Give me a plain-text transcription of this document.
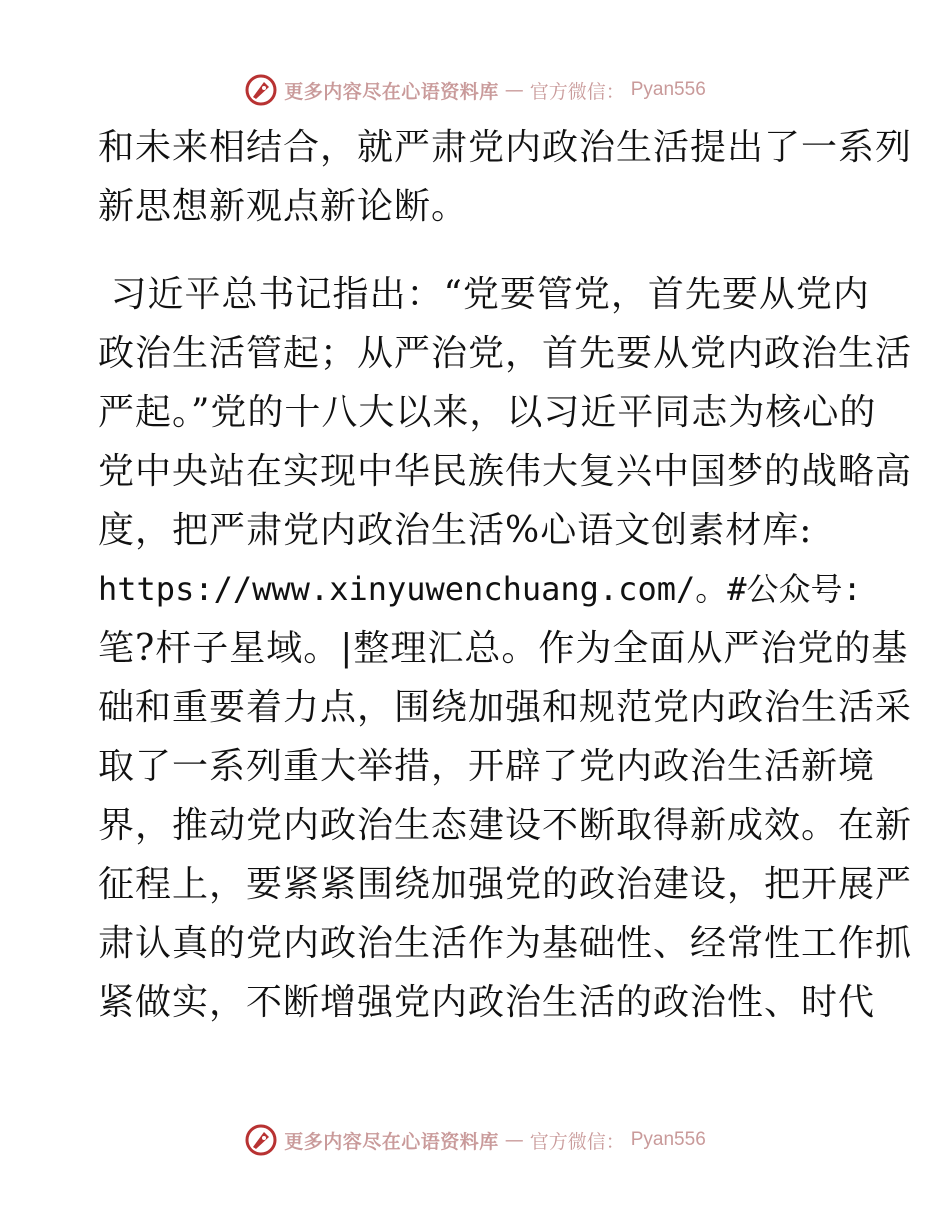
更多内容尽在心语资料库 — 官方微信： Pyan556
和未来相结合，就严肃党内政治生活提出了一系列
新思想新观点新论断。
习近平总书记指出：“党要管党，首先要从党内
政治生活管起；从严治党，首先要从党内政治生活
严起。”党的十八大以来，以习近平同志为核心的
党中央站在实现中华民族伟大复兴中国梦的战略高
度，把严肃党内政治生活%心语文创素材库:
https://www.xinyuwenchuang.com/。#公众号:
笔?杆子星域。|整理汇总。作为全面从严治党的基
础和重要着力点，围绕加强和规范党内政治生活采
取了一系列重大举措，开辟了党内政治生活新境
界，推动党内政治生态建设不断取得新成效。在新
征程上，要紧紧围绕加强党的政治建设，把开展严
肃认真的党内政治生活作为基础性、经常性工作抓
紧做实，不断增强党内政治生活的政治性、时代
更多内容尽在心语资料库 — 官方微信： Pyan556
